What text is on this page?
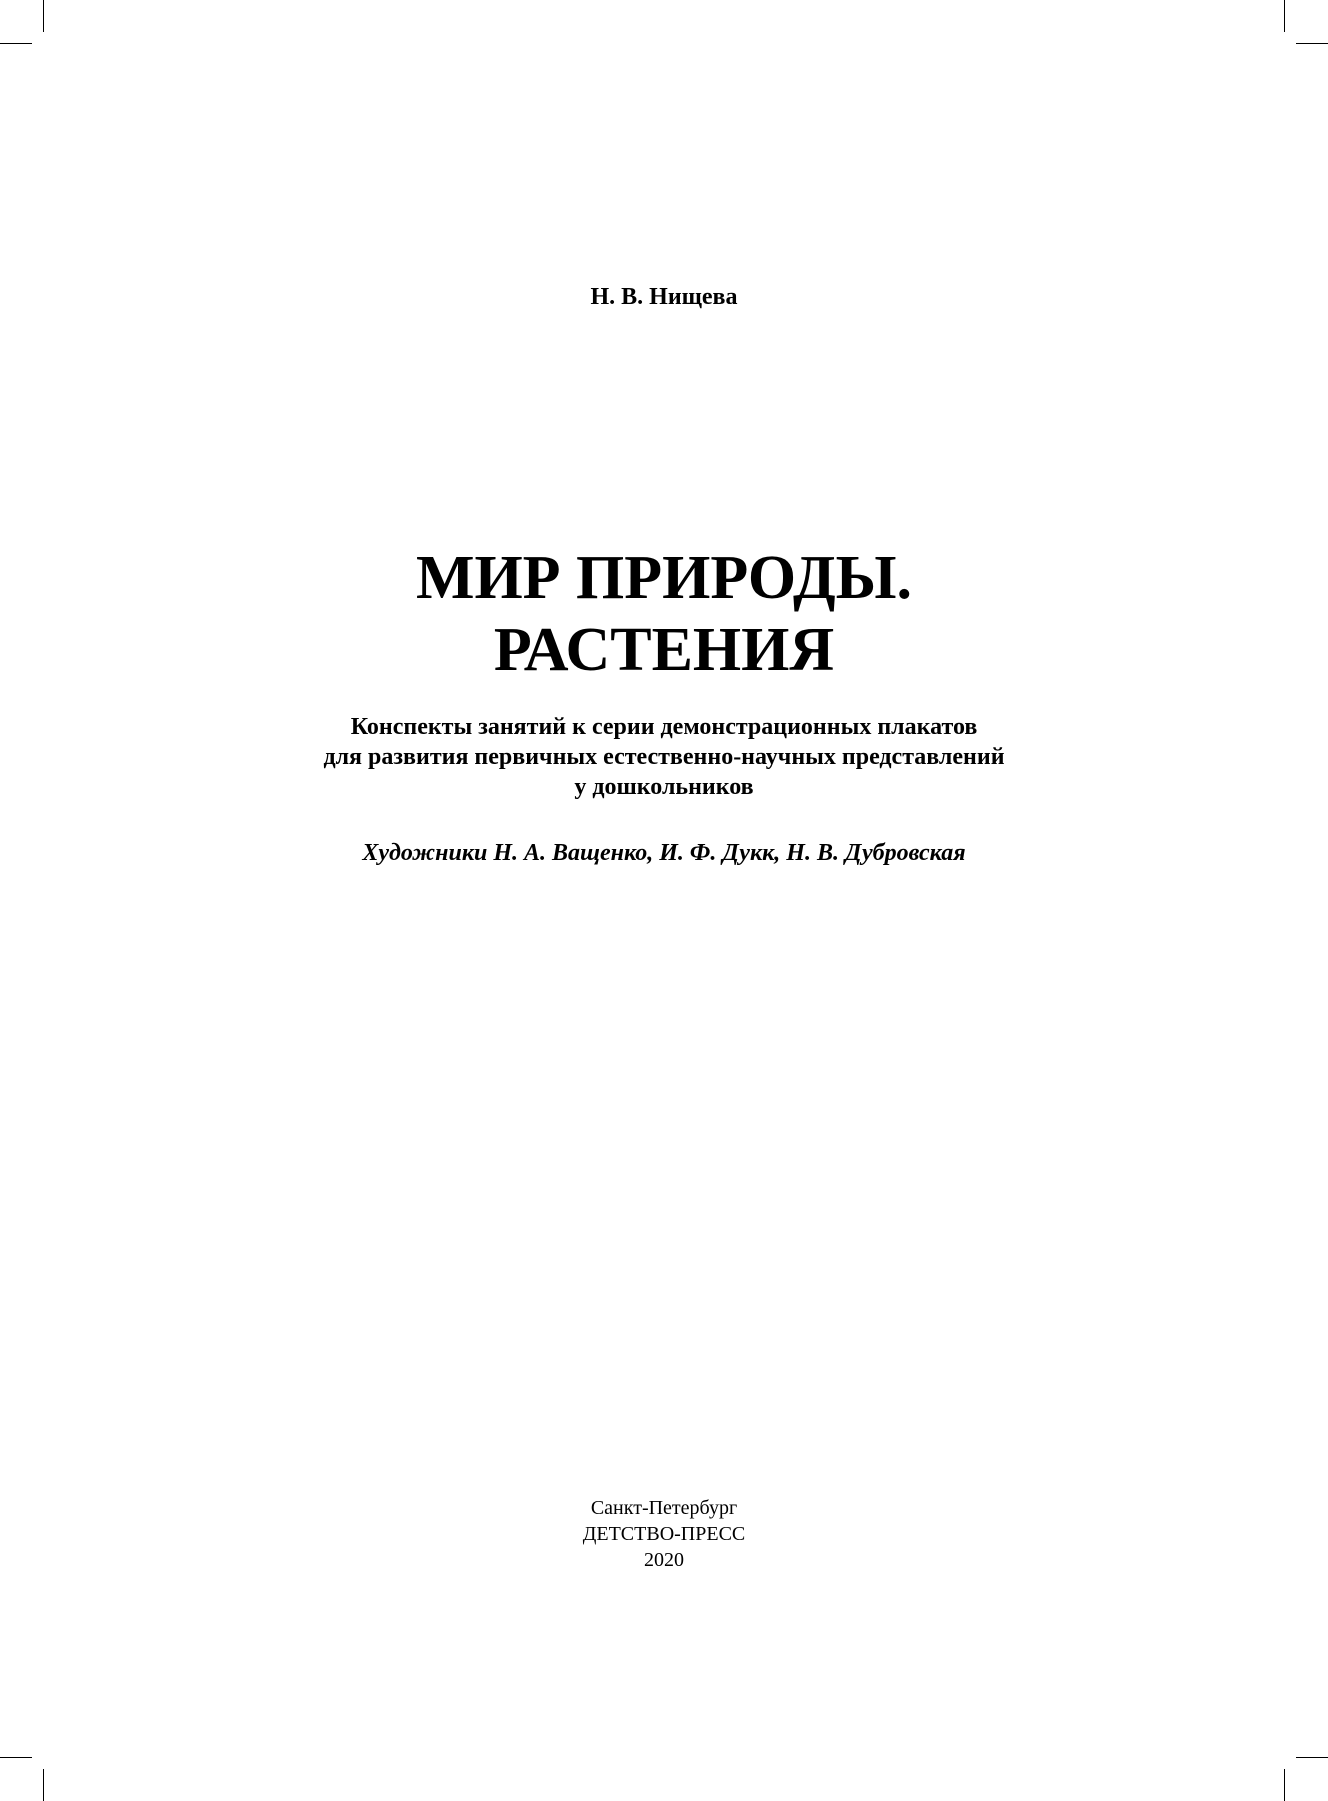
Н. В. Нищева
МИР ПРИРОДЫ.
РАСТЕНИЯ
Конспекты занятий к серии демонстрационных плакатов
для развития первичных естественно-научных представлений
у дошкольников
Художники Н. А. Ващенко, И. Ф. Дукк, Н. В. Дубровская
Санкт-Петербург
ДЕТСТВО-ПРЕСС
2020
